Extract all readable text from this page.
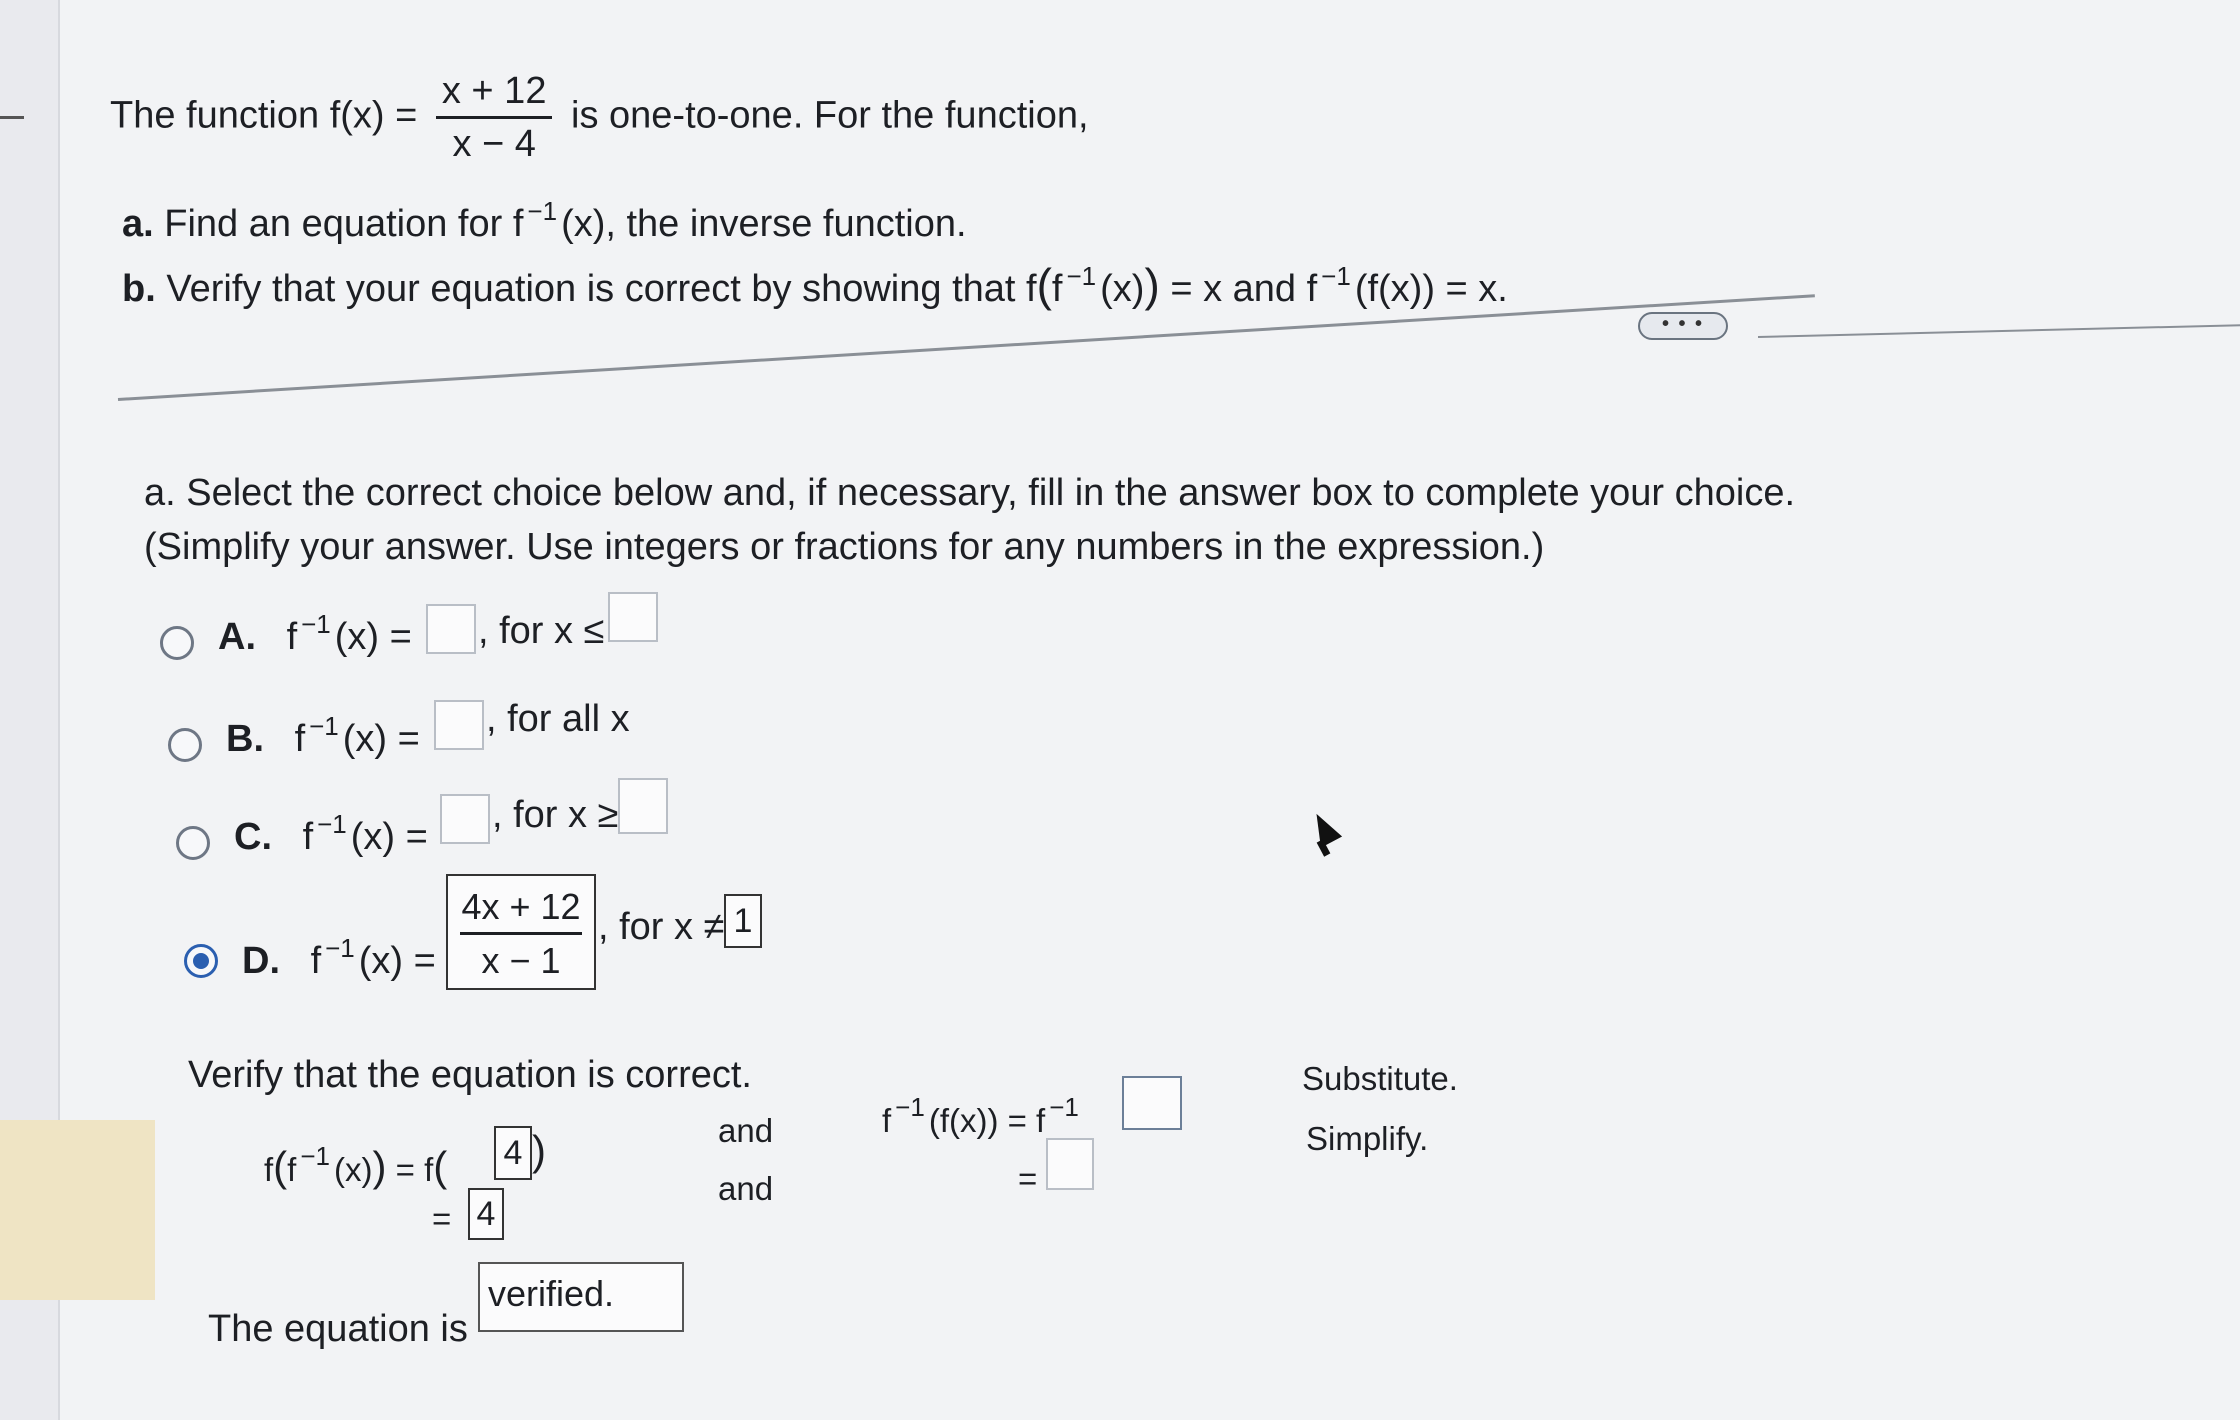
The function $f(x) = \frac{x + 12}{x - 4}$ is one-to-one. For the function,
a. Find an equation for f $^{-1}$ (x), the inverse function.
b. Verify that your equation is correct by showing that f(f $^{-1}$ (x)) = x and f $^{-1}$ (f(x)) = x.
• • •
a. Select the correct choice below and, if necessary, fill in the answer box to complete your choice.
(Simplify your answer. Use integers or fractions for any numbers in the expression.)
A. f $^{-1}$ (x) = , for x ≤
B. f $^{-1}$ (x) = , for all x
C. f $^{-1}$ (x) =
, for x ≥
D. f $^{-1}$ (x) =
4x + 12
x − 1
, for x ≠ 1
Verify that the equation is correct.
f(f $^{-1}$ (x)) = f( 4 )
= 4
and
and
f $^{-1}$ (f(x)) = f $^{-1}$
=
Substitute.
Simplify.
The equation is
verified.
